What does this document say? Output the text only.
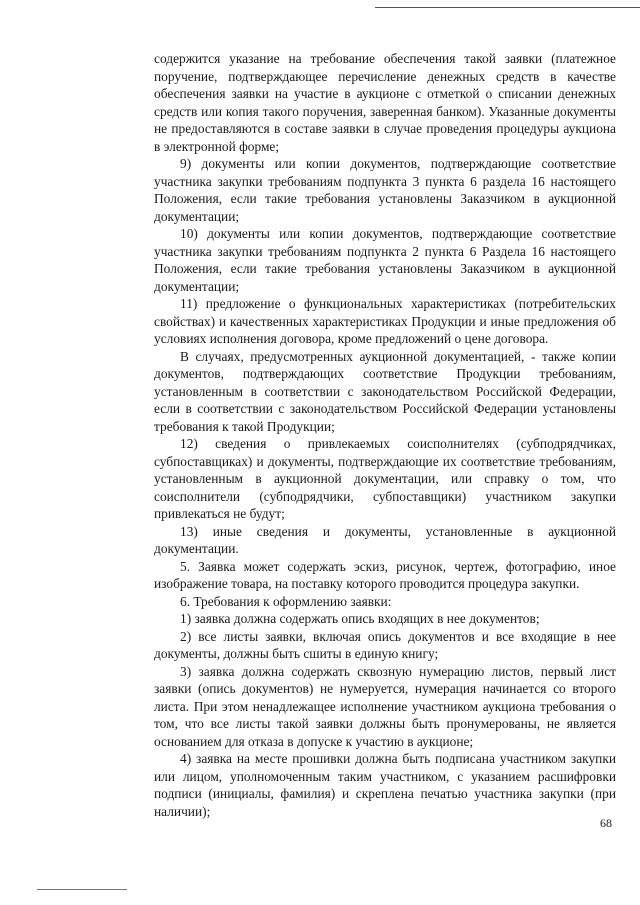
содержится указание на требование обеспечения такой заявки (платежное поручение, подтверждающее перечисление денежных средств в качестве обеспечения заявки на участие в аукционе с отметкой о списании денежных средств или копия такого поручения, заверенная банком). Указанные документы не предоставляются в составе заявки в случае проведения процедуры аукциона в электронной форме;

9) документы или копии документов, подтверждающие соответствие участника закупки требованиям подпункта 3 пункта 6 раздела 16 настоящего Положения, если такие требования установлены Заказчиком в аукционной документации;

10) документы или копии документов, подтверждающие соответствие участника закупки требованиям подпункта 2 пункта 6 Раздела 16 настоящего Положения, если такие требования установлены Заказчиком в аукционной документации;

11) предложение о функциональных характеристиках (потребительских свойствах) и качественных характеристиках Продукции и иные предложения об условиях исполнения договора, кроме предложений о цене договора.

В случаях, предусмотренных аукционной документацией, - также копии документов, подтверждающих соответствие Продукции требованиям, установленным в соответствии с законодательством Российской Федерации, если в соответствии с законодательством Российской Федерации установлены требования к такой Продукции;

12) сведения о привлекаемых соисполнителях (субподрядчиках, субпоставщиках) и документы, подтверждающие их соответствие требованиям, установленным в аукционной документации, или справку о том, что соисполнители (субподрядчики, субпоставщики) участником закупки привлекаться не будут;

13) иные сведения и документы, установленные в аукционной документации.

5. Заявка может содержать эскиз, рисунок, чертеж, фотографию, иное изображение товара, на поставку которого проводится процедура закупки.

6. Требования к оформлению заявки:

1) заявка должна содержать опись входящих в нее документов;

2) все листы заявки, включая опись документов и все входящие в нее документы, должны быть сшиты в единую книгу;

3) заявка должна содержать сквозную нумерацию листов, первый лист заявки (опись документов) не нумеруется, нумерация начинается со второго листа. При этом ненадлежащее исполнение участником аукциона требования о том, что все листы такой заявки должны быть пронумерованы, не является основанием для отказа в допуске к участию в аукционе;

4) заявка на месте прошивки должна быть подписана участником закупки или лицом, уполномоченным таким участником, с указанием расшифровки подписи (инициалы, фамилия) и скреплена печатью участника закупки (при наличии);

68
